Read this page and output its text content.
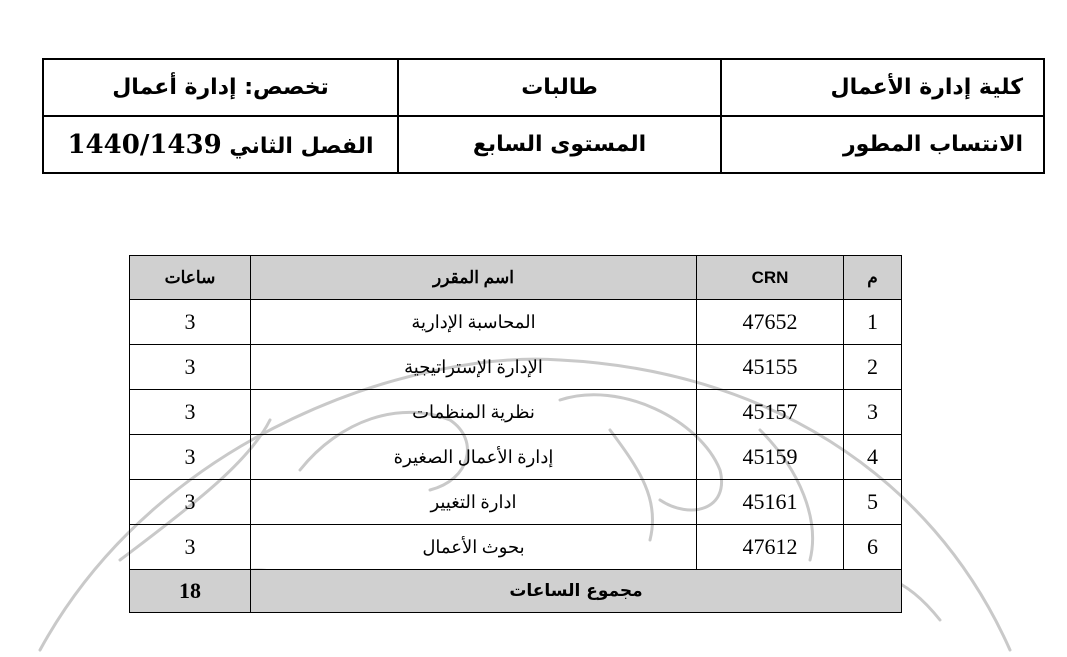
كلية إدارة الأعمال	طالبات	تخصص: إدارة أعمال
الانتساب المطور	المستوى السابع	الفصل الثاني 1440/1439
م	CRN	اسم المقرر	ساعات
1	47652	المحاسبة الإدارية	3
2	45155	الإدارة الإستراتيجية	3
3	45157	نظرية المنظمات	3
4	45159	إدارة الأعمال الصغيرة	3
5	45161	ادارة التغيير	3
6	47612	بحوث الأعمال	3
مجموع الساعات			18
